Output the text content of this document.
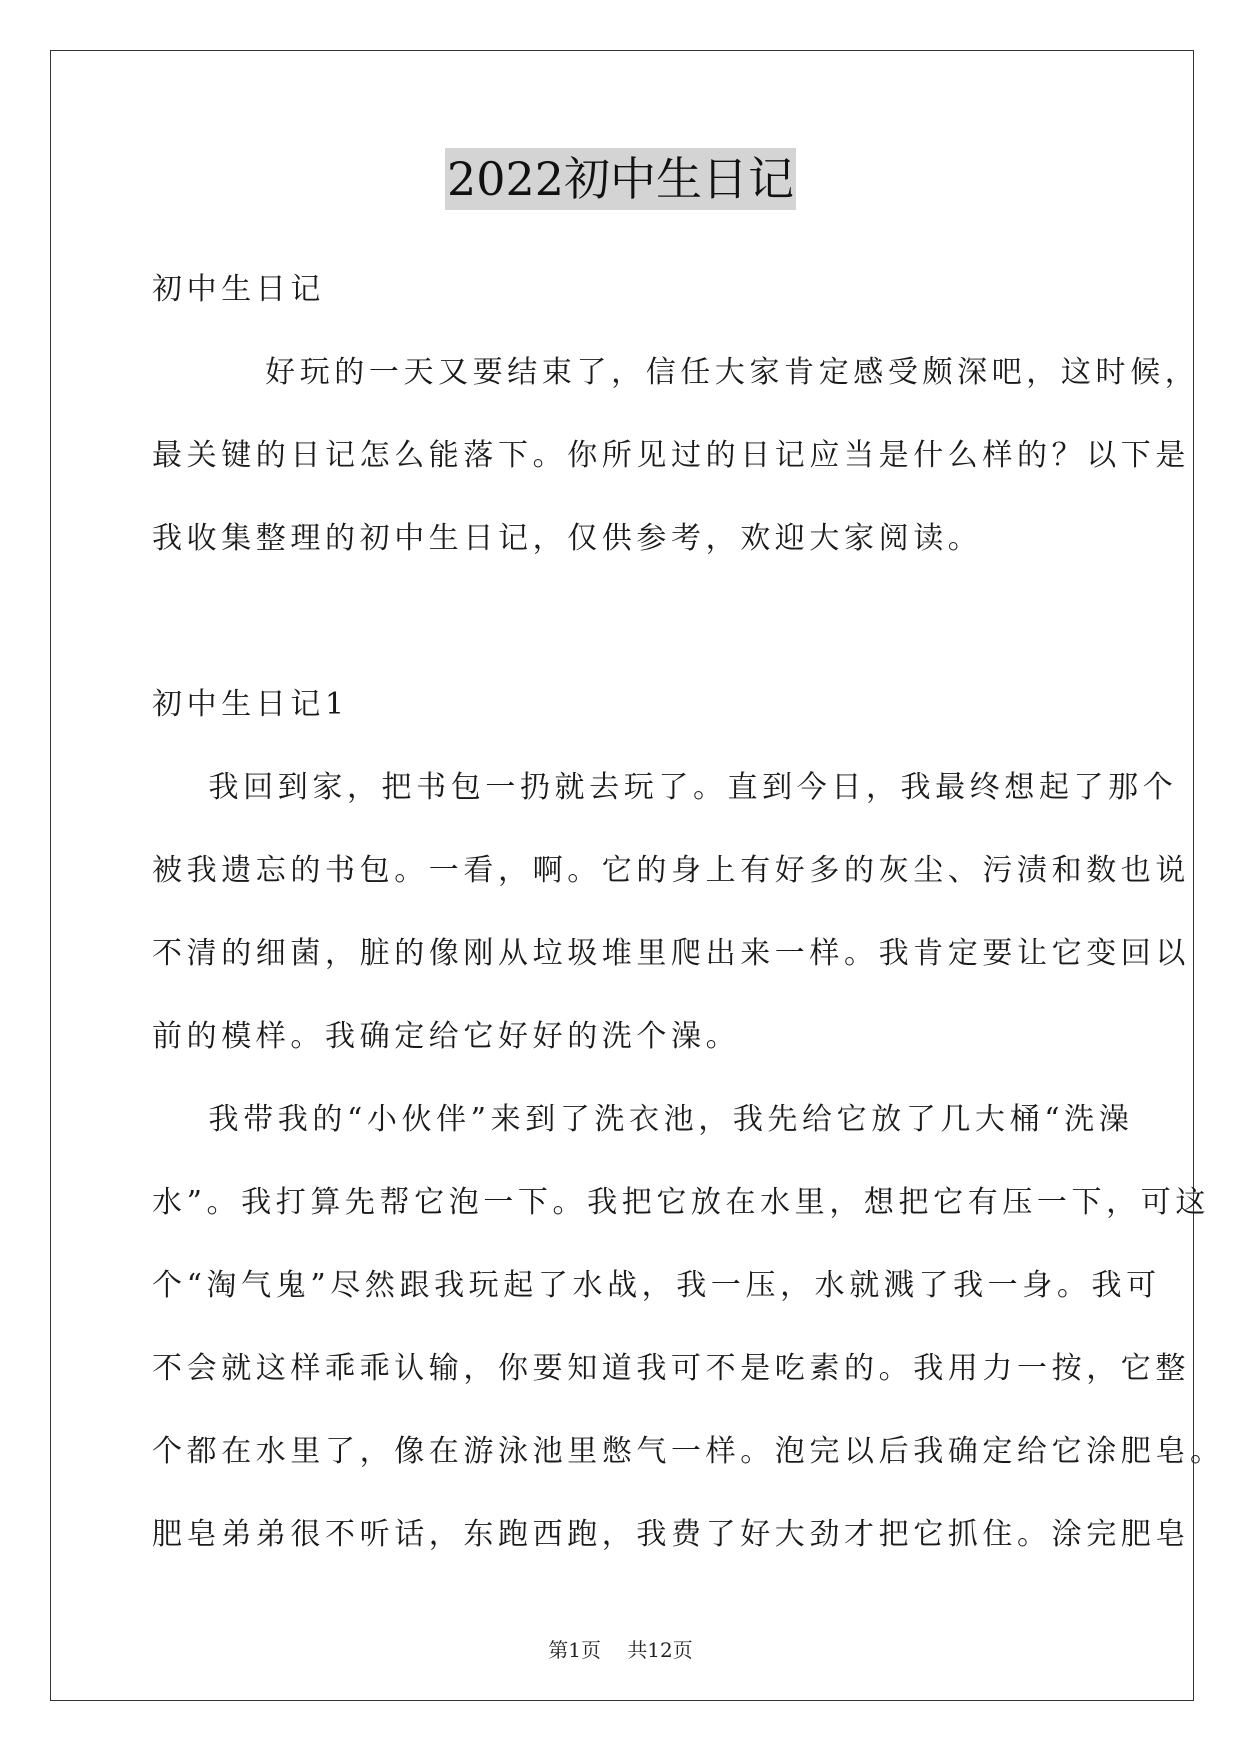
2022初中生日记
初中生日记
好玩的一天又要结束了，信任大家肯定感受颇深吧，这时候，
最关键的日记怎么能落下。你所见过的日记应当是什么样的？以下是
我收集整理的初中生日记，仅供参考，欢迎大家阅读。
初中生日记1
我回到家，把书包一扔就去玩了。直到今日，我最终想起了那个
被我遗忘的书包。一看，啊。它的身上有好多的灰尘、污渍和数也说
不清的细菌，脏的像刚从垃圾堆里爬出来一样。我肯定要让它变回以
前的模样。我确定给它好好的洗个澡。
我带我的“小伙伴”来到了洗衣池，我先给它放了几大桶“洗澡
水”。我打算先帮它泡一下。我把它放在水里，想把它有压一下，可这
个“淘气鬼”尽然跟我玩起了水战，我一压，水就溅了我一身。我可
不会就这样乖乖认输，你要知道我可不是吃素的。我用力一按，它整
个都在水里了，像在游泳池里憋气一样。泡完以后我确定给它涂肥皂。
肥皂弟弟很不听话，东跑西跑，我费了好大劲才把它抓住。涂完肥皂
第1页 共12页
